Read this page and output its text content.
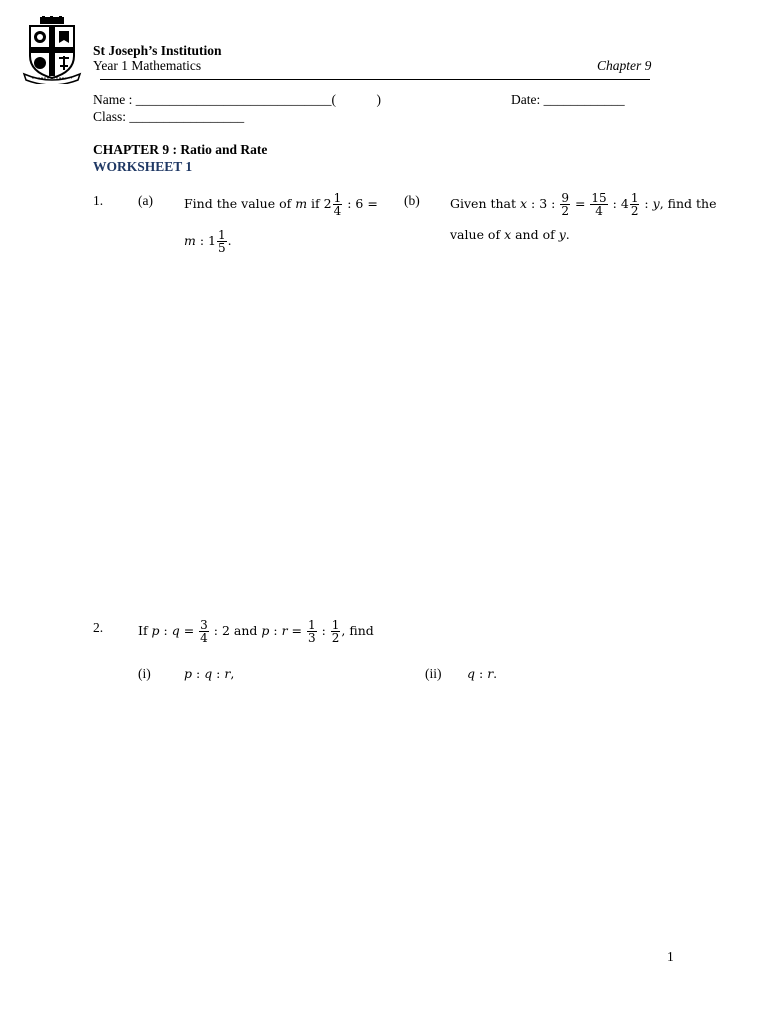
St Joseph’s Institution
Year 1 Mathematics	Chapter 9
Name : _____________________________(            )	Date: ____________
Class: _________________
CHAPTER 9 : Ratio and Rate
WORKSHEET 1
1.	(a) Find the value of m if $2 \frac{1}{4}$ : 6 =
m : $1 \frac{1}{5}$ .
(b) Given that x : 3 : $\frac{9}{2} = \frac{15}{4}$ : $4 \frac{1}{2}$ : y, find the
value of x and of y.
2.	If p : $q = \frac{3}{4}$ : 2 and p : $r = \frac{1}{3}$ : $\frac{1}{2}$ , find
(i)	p : q : r,	(ii) q : r.
1
